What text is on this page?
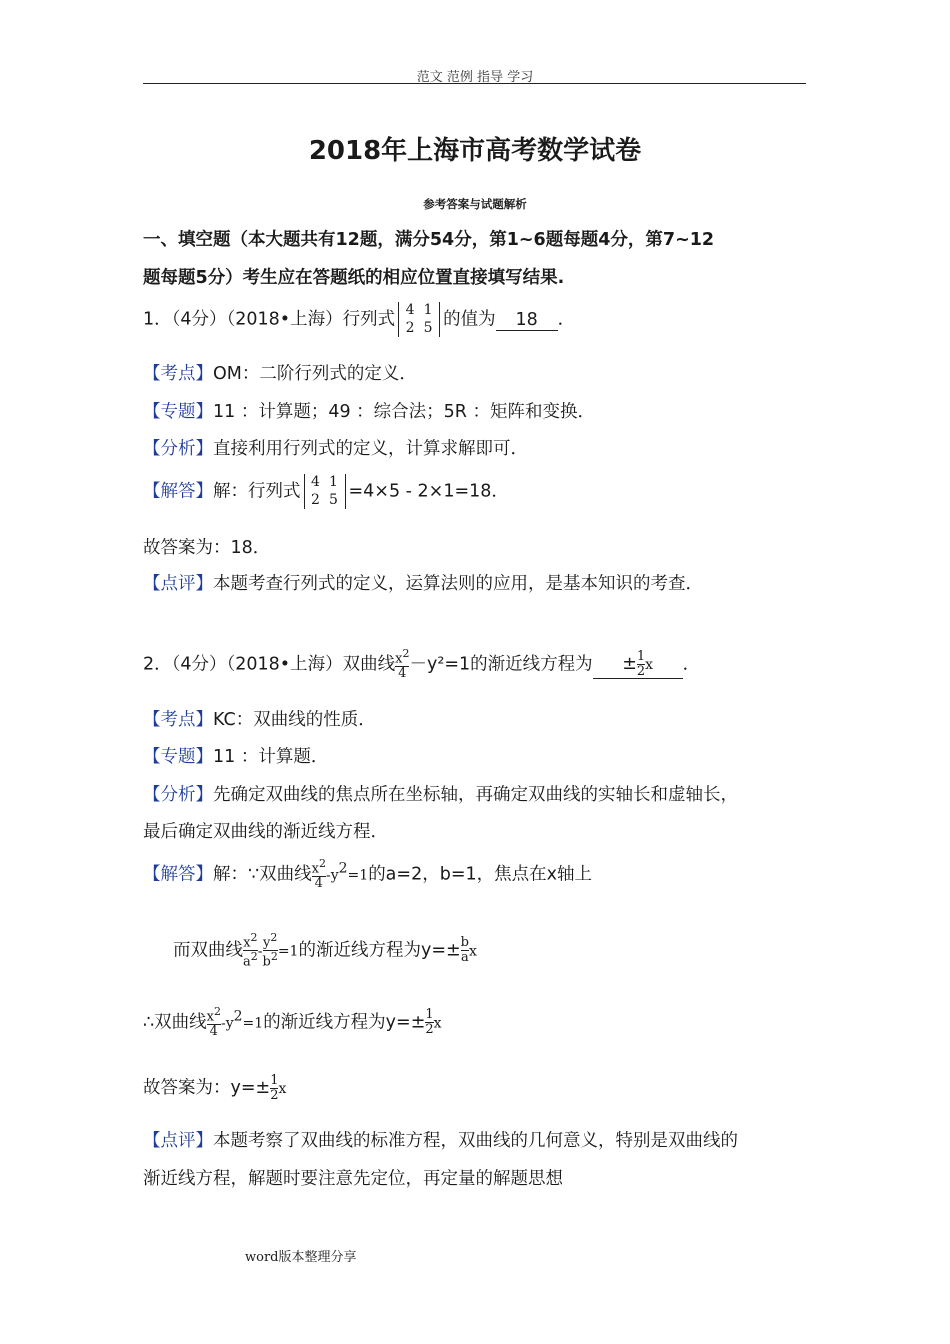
范文 范例 指导 学习
2018年上海市高考数学试卷
参考答案与试题解析
一、填空题（本大题共有12题，满分54分，第1~6题每题4分，第7~12
题每题5分）考生应在答题纸的相应位置直接填写结果.
1．（4分）（2018•上海）行列式 4 1
2 5 的值为 18 ．
【考点】OM：二阶行列式的定义．
【专题】11 ：计算题；49 ：综合法；5R ：矩阵和变换．
【分析】直接利用行列式的定义，计算求解即可．
【解答】解：行列式 4 1
2 5 =4×5 - 2×1=18．
故答案为：18．
【点评】本题考查行列式的定义，运算法则的应用，是基本知识的考查．
2．（4分）（2018•上海）双曲线 $\frac{x^2}{4} -y^2=1$的渐近线方程为 ± $\frac{1}{2}$ x ．
【考点】KC：双曲线的性质．
【专题】11 ：计算题．
【分析】先确定双曲线的焦点所在坐标轴，再确定双曲线的实轴长和虚轴长，
最后确定双曲线的渐近线方程．
【解答】解：∵双曲线 $\frac{x^2}{4} -y^2=1$的a=2，b=1，焦点在x轴上
而双曲线 $\frac{x^2}{a^2} - \frac{y^2}{b^2} =1$的渐近线方程为$y=\pm \frac{b}{a}$ x
∴双曲线 $\frac{x^2}{4} -y^2=1$的渐近线方程为$y=\pm \frac{1}{2}$ x
故答案为：$y=\pm \frac{1}{2}$ x
【点评】本题考察了双曲线的标准方程，双曲线的几何意义，特别是双曲线的
渐近线方程，解题时要注意先定位，再定量的解题思想
word版本整理分享
